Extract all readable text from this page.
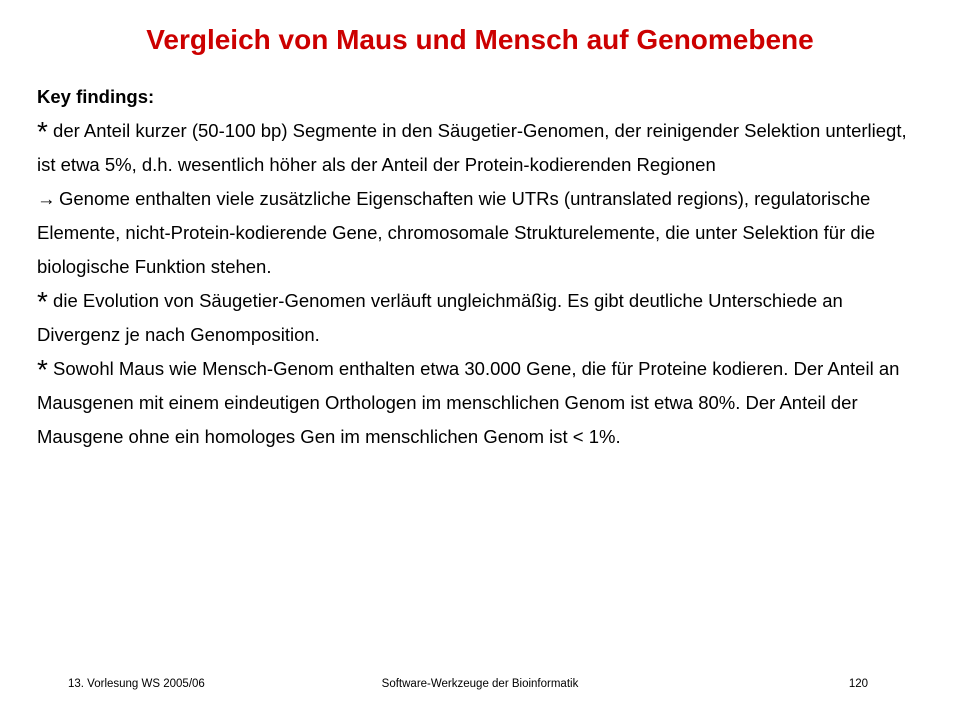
Vergleich von Maus und Mensch auf Genomebene
Key findings:

* der Anteil kurzer (50-100 bp) Segmente in den Säugetier-Genomen, der reinigender Selektion unterliegt, ist etwa 5%, d.h. wesentlich höher als der Anteil der Protein-kodierenden Regionen

→ Genome enthalten viele zusätzliche Eigenschaften wie UTRs (untranslated regions), regulatorische Elemente, nicht-Protein-kodierende Gene, chromosomale Strukturelemente, die unter Selektion für die biologische Funktion stehen.

* die Evolution von Säugetier-Genomen verläuft ungleichmäßig. Es gibt deutliche Unterschiede an Divergenz je nach Genomposition.

* Sowohl Maus wie Mensch-Genom enthalten etwa 30.000 Gene, die für Proteine kodieren. Der Anteil an Mausgenen mit einem eindeutigen Orthologen im menschlichen Genom ist etwa 80%. Der Anteil der Mausgene ohne ein homologes Gen im menschlichen Genom ist < 1%.

13. Vorlesung WS 2005/06	Software-Werkzeuge der Bioinformatik	120
